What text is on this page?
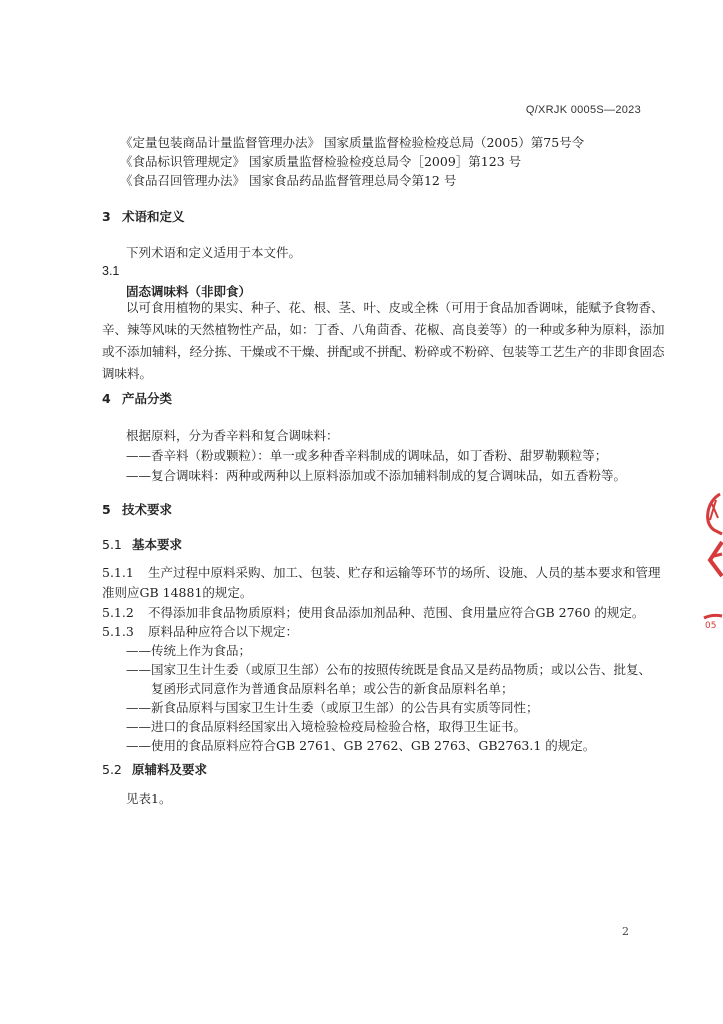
Q/XRJK 0005S—2023
《定量包装商品计量监督管理办法》 国家质量监督检验检疫总局（2005）第75号令
《食品标识管理规定》 国家质量监督检验检疫总局令［2009］第123 号
《食品召回管理办法》 国家食品药品监督管理总局令第12 号
3 术语和定义
下列术语和定义适用于本文件。
3.1
固态调味料（非即食）
以可食用植物的果实、种子、花、根、茎、叶、皮或全株（可用于食品加香调味，能赋予食物香、
辛、辣等风味的天然植物性产品，如：丁香、八角茴香、花椒、高良姜等）的一种或多种为原料，添加
或不添加辅料，经分拣、干燥或不干燥、拼配或不拼配、粉碎或不粉碎、包装等工艺生产的非即食固态
调味料。
4 产品分类
根据原料，分为香辛料和复合调味料：
——香辛料（粉或颗粒）：单一或多种香辛料制成的调味品，如丁香粉、甜罗勒颗粒等；
——复合调味料：两种或两种以上原料添加或不添加辅料制成的复合调味品，如五香粉等。
5 技术要求
5.1 基本要求
5.1.1 生产过程中原料采购、加工、包装、贮存和运输等环节的场所、设施、人员的基本要求和管理
准则应GB 14881的规定。
5.1.2 不得添加非食品物质原料；使用食品添加剂品种、范围、食用量应符合GB 2760 的规定。
5.1.3 原料品种应符合以下规定：
——传统上作为食品；
——国家卫生计生委（或原卫生部）公布的按照传统既是食品又是药品物质；或以公告、批复、
复函形式同意作为普通食品原料名单；或公告的新食品原料名单；
——新食品原料与国家卫生计生委（或原卫生部）的公告具有实质等同性；
——进口的食品原料经国家出入境检验检疫局检验合格，取得卫生证书。
——使用的食品原料应符合GB 2761、GB 2762、GB 2763、GB2763.1 的规定。
5.2 原辅料及要求
见表1。
2
05
